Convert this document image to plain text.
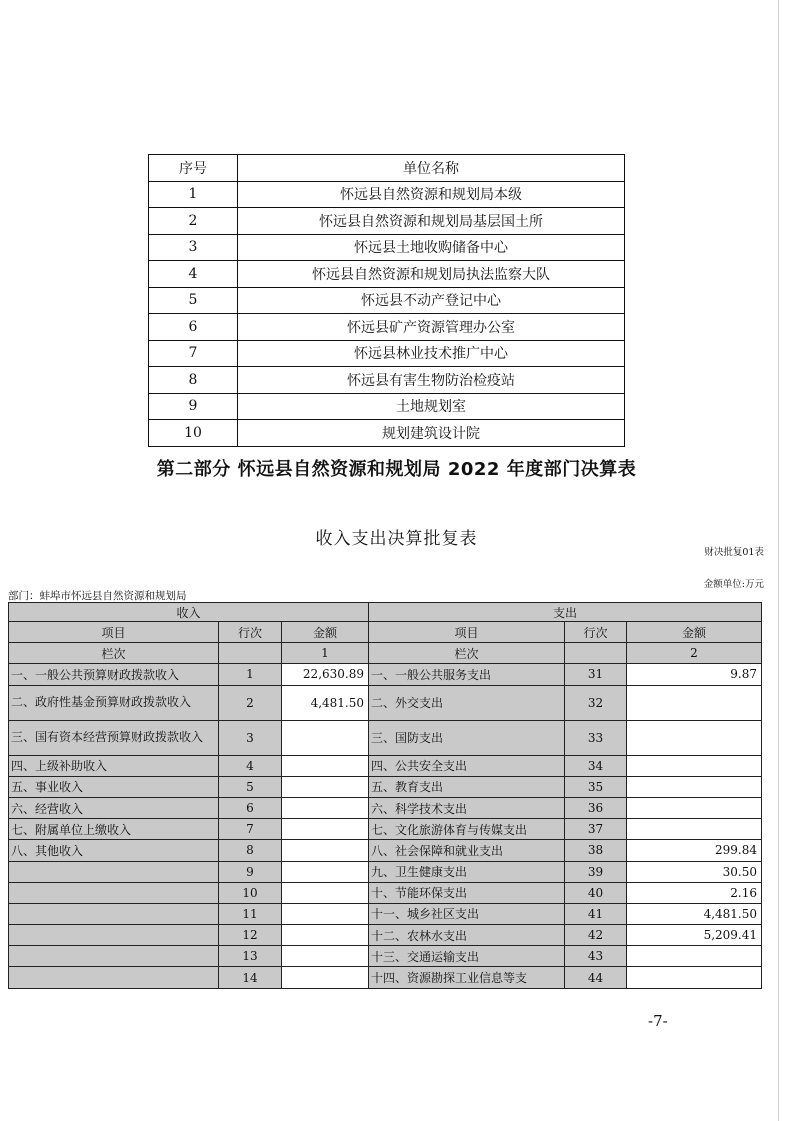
序号	单位名称
1	怀远县自然资源和规划局本级
2	怀远县自然资源和规划局基层国土所
3	怀远县土地收购储备中心
4	怀远县自然资源和规划局执法监察大队
5	怀远县不动产登记中心
6	怀远县矿产资源管理办公室
7	怀远县林业技术推广中心
8	怀远县有害生物防治检疫站
9	土地规划室
10	规划建筑设计院
第二部分 怀远县自然资源和规划局 2022 年度部门决算表
收入支出决算批复表
财决批复01表
金额单位:万元
部门：蚌埠市怀远县自然资源和规划局
收入			支出		
项目	行次	金额	项目	行次	金额
栏次		1	栏次		2
一、一般公共预算财政拨款收入	1	22,630.89	一、一般公共服务支出	31	9.87
二、政府性基金预算财政拨款收入	2	4,481.50	二、外交支出	32	
三、国有资本经营预算财政拨款收入	3		三、国防支出	33	
四、上级补助收入	4		四、公共安全支出	34	
五、事业收入	5		五、教育支出	35	
六、经营收入	6		六、科学技术支出	36	
七、附属单位上缴收入	7		七、文化旅游体育与传媒支出	37	
八、其他收入	8		八、社会保障和就业支出	38	299.84
	9		九、卫生健康支出	39	30.50
	10		十、节能环保支出	40	2.16
	11		十一、城乡社区支出	41	4,481.50
	12		十二、农林水支出	42	5,209.41
	13		十三、交通运输支出	43	
	14		十四、资源勘探工业信息等支	44	
-7-
